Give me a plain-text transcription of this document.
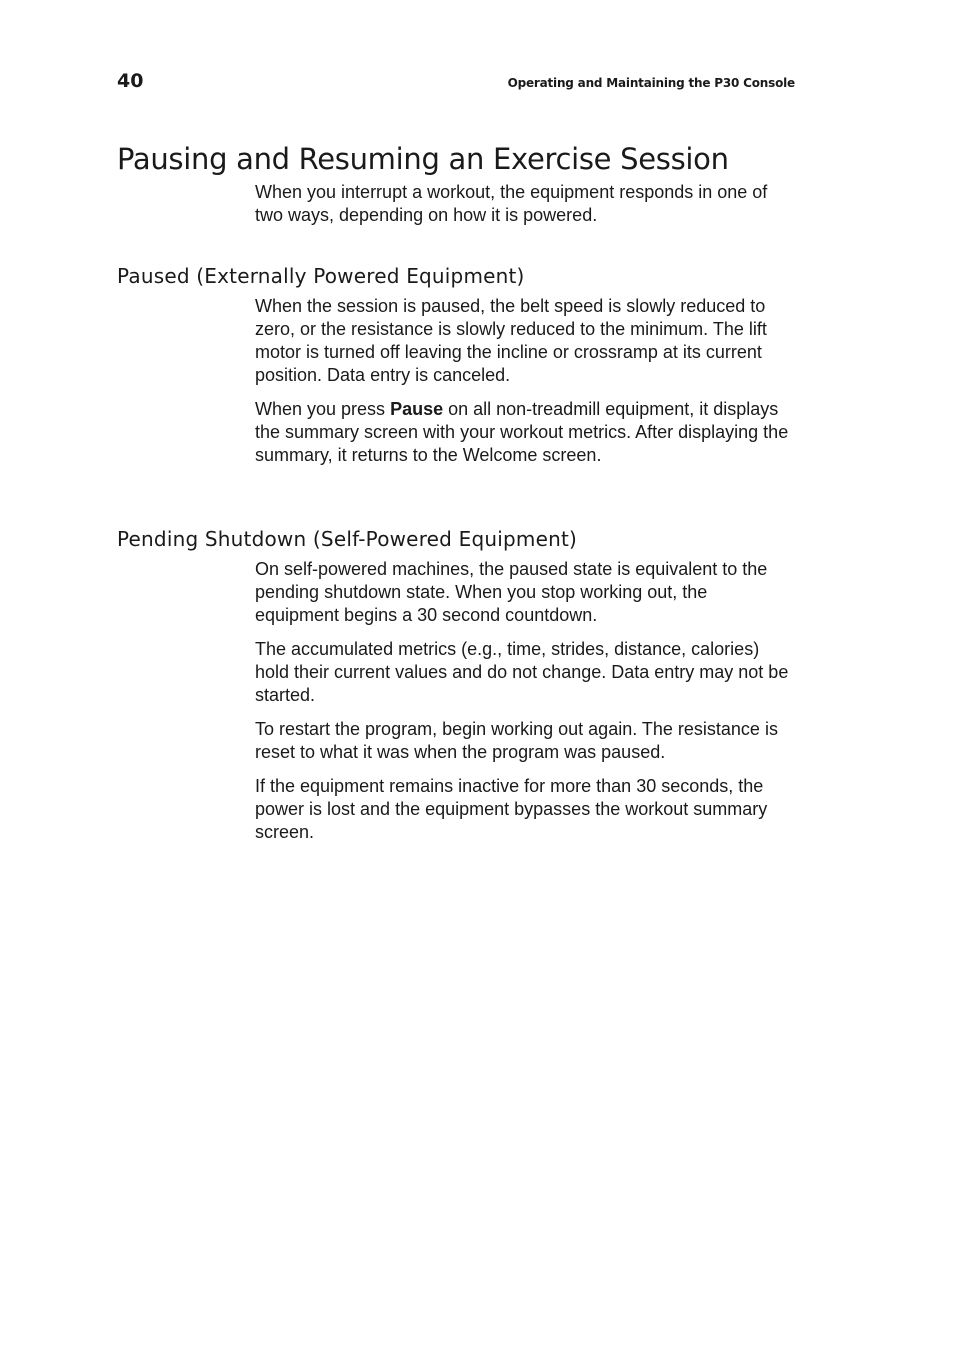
40	Operating and Maintaining the P30 Console
Pausing and Resuming an Exercise Session

When you interrupt a workout, the equipment responds in one of two ways, depending on how it is powered.

Paused (Externally Powered Equipment)

When the session is paused, the belt speed is slowly reduced to zero, or the resistance is slowly reduced to the minimum. The lift motor is turned off leaving the incline or crossramp at its current position. Data entry is canceled.

When you press Pause on all non-treadmill equipment, it displays the summary screen with your workout metrics. After displaying the summary, it returns to the Welcome screen.

Pending Shutdown (Self-Powered Equipment)

On self-powered machines, the paused state is equivalent to the pending shutdown state. When you stop working out, the equipment begins a 30 second countdown.

The accumulated metrics (e.g., time, strides, distance, calories) hold their current values and do not change. Data entry may not be started.

To restart the program, begin working out again. The resistance is reset to what it was when the program was paused.

If the equipment remains inactive for more than 30 seconds, the power is lost and the equipment bypasses the workout summary screen.
